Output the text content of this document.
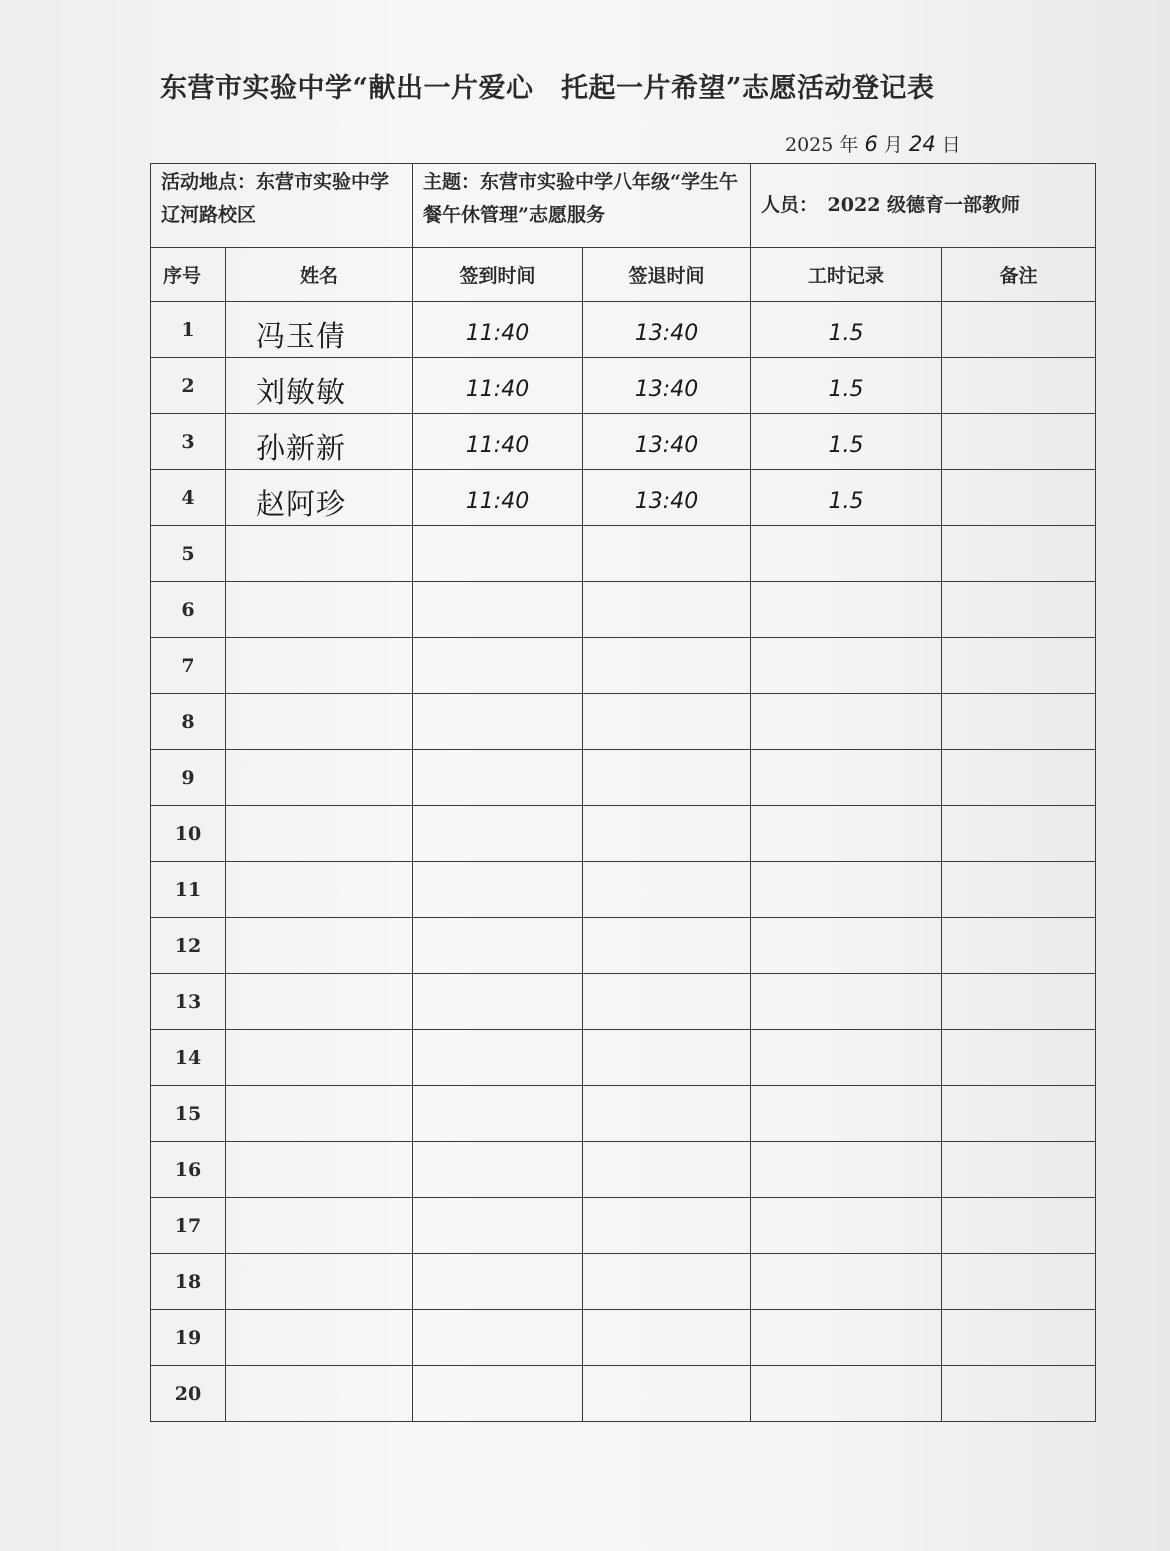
东营市实验中学“献出一片爱心　托起一片希望”志愿活动登记表
2025 年 6 月 24 日
活动地点：东营市实验中学辽河路校区		主题：东营市实验中学八年级“学生午餐午休管理”志愿服务		人员：　2022 级德育一部教师	
序号	姓名	签到时间	签退时间	工时记录	备注
1	冯玉倩	11:40	13:40	1.5	
2	刘敏敏	11:40	13:40	1.5	
3	孙新新	11:40	13:40	1.5	
4	赵阿珍	11:40	13:40	1.5	
5					
6					
7					
8					
9					
10					
11					
12					
13					
14					
15					
16					
17					
18					
19					
20					
